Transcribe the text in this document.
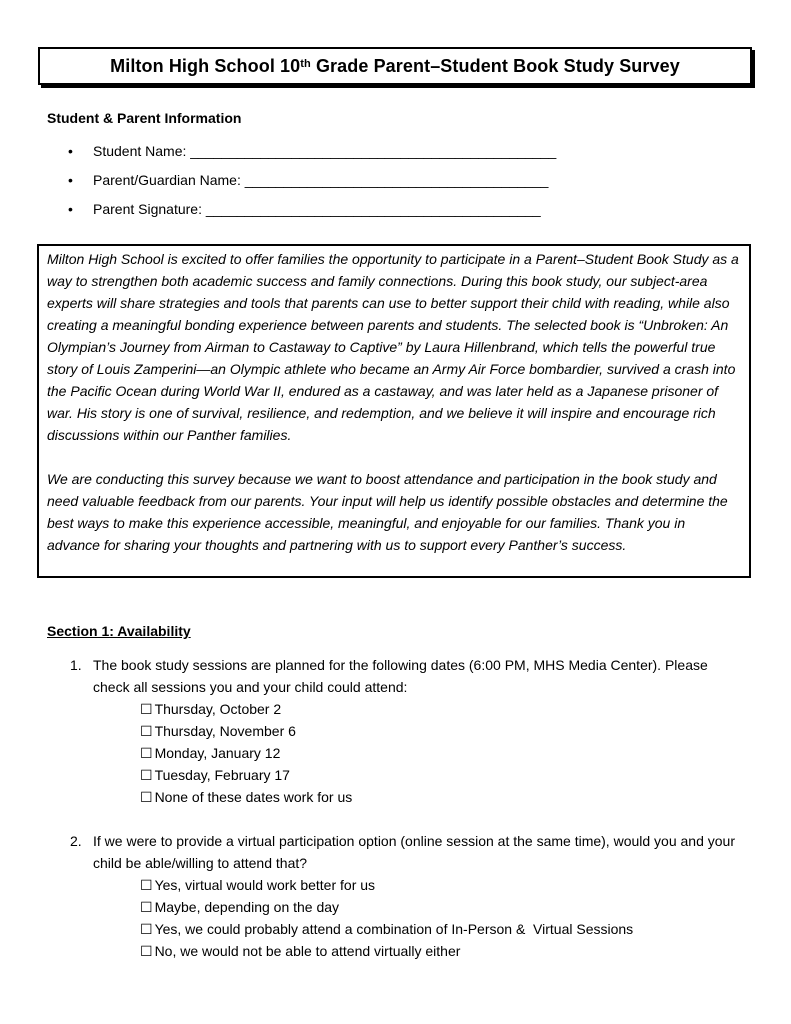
Milton High School 10th Grade Parent–Student Book Study Survey
Student & Parent Information
• Student Name: _______________________________________________
• Parent/Guardian Name: _______________________________________
• Parent Signature: ___________________________________________

Milton High School is excited to offer families the opportunity to participate in a Parent–Student Book Study as a way to strengthen both academic success and family connections. During this book study, our subject-area experts will share strategies and tools that parents can use to better support their child with reading, while also creating a meaningful bonding experience between parents and students. The selected book is “Unbroken: An Olympian’s Journey from Airman to Castaway to Captive” by Laura Hillenbrand, which tells the powerful true story of Louis Zamperini—an Olympic athlete who became an Army Air Force bombardier, survived a crash into the Pacific Ocean during World War II, endured as a castaway, and was later held as a Japanese prisoner of war. His story is one of survival, resilience, and redemption, and we believe it will inspire and encourage rich discussions within our Panther families.

We are conducting this survey because we want to boost attendance and participation in the book study and need valuable feedback from our parents. Your input will help us identify possible obstacles and determine the best ways to make this experience accessible, meaningful, and enjoyable for our families. Thank you in advance for sharing your thoughts and partnering with us to support every Panther’s success.

Section 1: Availability
1. The book study sessions are planned for the following dates (6:00 PM, MHS Media Center). Please check all sessions you and your child could attend:
☐ Thursday, October 2
☐ Thursday, November 6
☐ Monday, January 12
☐ Tuesday, February 17
☐ None of these dates work for us
2. If we were to provide a virtual participation option (online session at the same time), would you and your child be able/willing to attend that?
☐ Yes, virtual would work better for us
☐ Maybe, depending on the day
☐ Yes, we could probably attend a combination of In-Person &  Virtual Sessions
☐ No, we would not be able to attend virtually either
